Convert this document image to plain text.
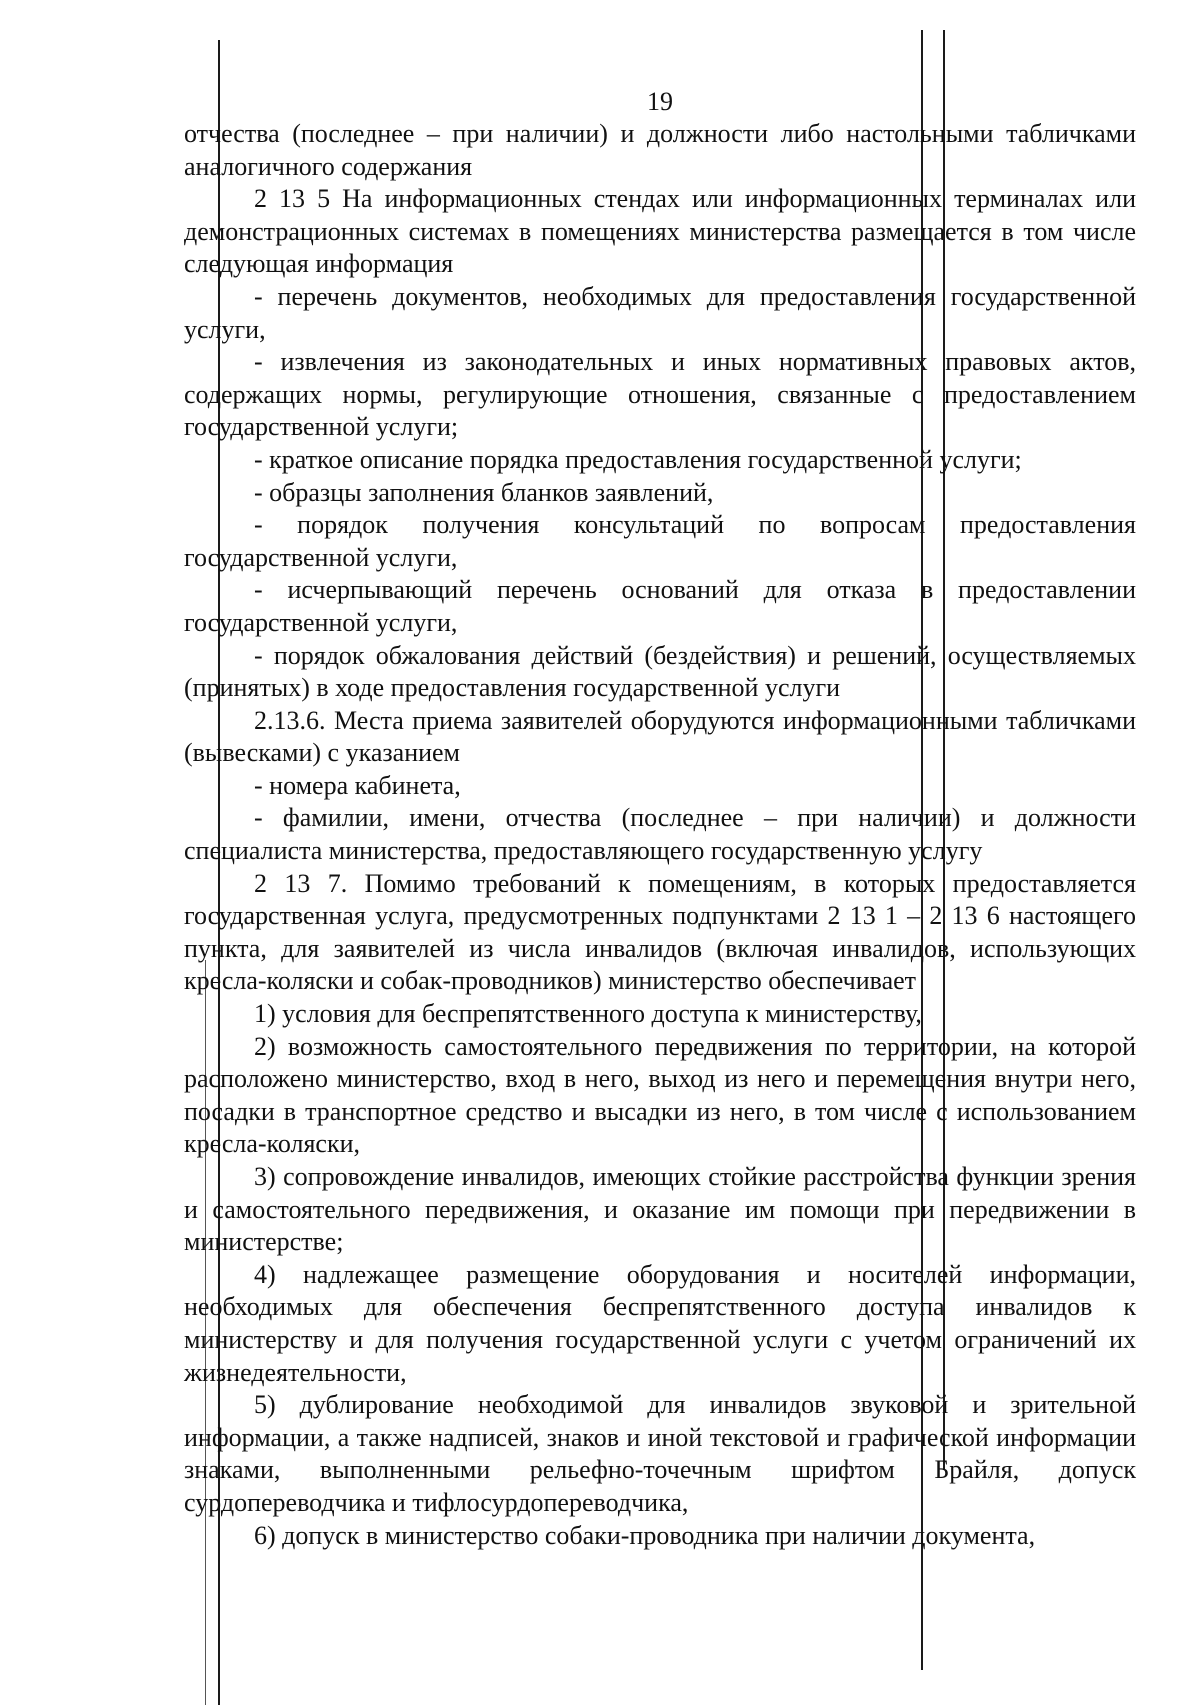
19

отчества (последнее – при наличии) и должности либо настольными табличками аналогичного содержания

2 13 5 На информационных стендах или информационных терминалах или демонстрационных системах в помещениях министерства размещается в том числе следующая информация

- перечень документов, необходимых для предоставления государственной услуги,

- извлечения из законодательных и иных нормативных правовых актов, содержащих нормы, регулирующие отношения, связанные с предоставлением государственной услуги;

- краткое описание порядка предоставления государственной услуги;

- образцы заполнения бланков заявлений,

- порядок получения консультаций по вопросам предоставления государственной услуги,

- исчерпывающий перечень оснований для отказа в предоставлении государственной услуги,

- порядок обжалования действий (бездействия) и решений, осуществляемых (принятых) в ходе предоставления государственной услуги

2.13.6. Места приема заявителей оборудуются информационными табличками (вывесками) с указанием

- номера кабинета,

- фамилии, имени, отчества (последнее – при наличии) и должности специалиста министерства, предоставляющего государственную услугу

2 13 7. Помимо требований к помещениям, в которых предоставляется государственная услуга, предусмотренных подпунктами 2 13 1 – 2 13 6 настоящего пункта, для заявителей из числа инвалидов (включая инвалидов, использующих кресла-коляски и собак-проводников) министерство обеспечивает

1) условия для беспрепятственного доступа к министерству,

2) возможность самостоятельного передвижения по территории, на которой расположено министерство, вход в него, выход из него и перемещения внутри него, посадки в транспортное средство и высадки из него, в том числе с использованием кресла-коляски,

3) сопровождение инвалидов, имеющих стойкие расстройства функции зрения и самостоятельного передвижения, и оказание им помощи при передвижении в министерстве;

4) надлежащее размещение оборудования и носителей информации, необходимых для обеспечения беспрепятственного доступа инвалидов к министерству и для получения государственной услуги с учетом ограничений их жизнедеятельности,

5) дублирование необходимой для инвалидов звуковой и зрительной информации, а также надписей, знаков и иной текстовой и графической информации знаками, выполненными рельефно-точечным шрифтом Брайля, допуск сурдопереводчика и тифлосурдопереводчика,

6) допуск в министерство собаки-проводника при наличии документа,
